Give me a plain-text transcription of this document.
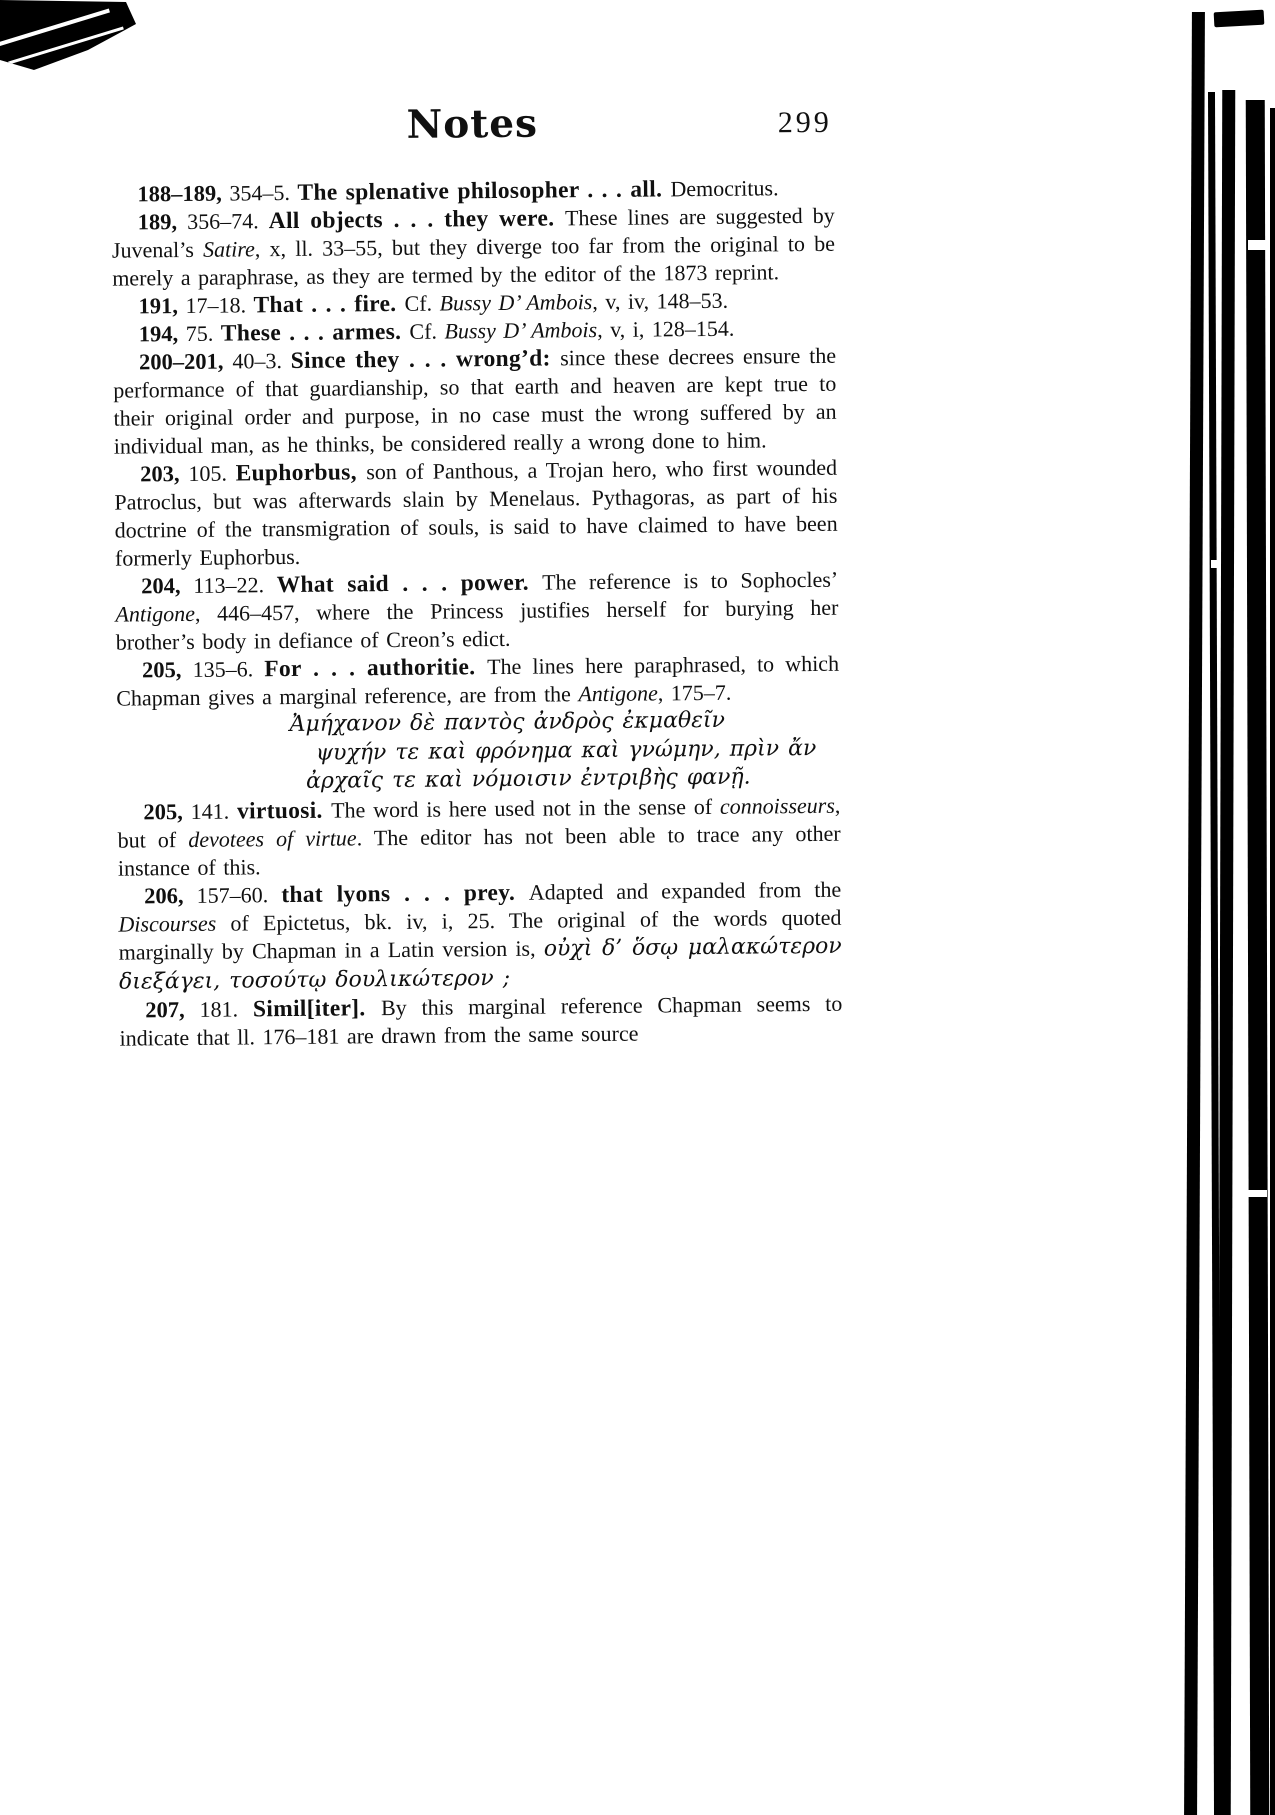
Notes	299

188–189, 354–5. The splenative philosopher . . . all. Democritus.

189, 356–74. All objects . . . they were. These lines are suggested by Juvenal’s Satire, x, ll. 33–55, but they diverge too far from the original to be merely a paraphrase, as they are termed by the editor of the 1873 reprint.

191, 17–18. That . . . fire. Cf. Bussy D’ Ambois, v, iv, 148–53.

194, 75. These . . . armes. Cf. Bussy D’ Ambois, v, i, 128–154.

200–201, 40–3. Since they . . . wrong’d: since these decrees ensure the performance of that guardianship, so that earth and heaven are kept true to their original order and purpose, in no case must the wrong suffered by an individual man, as he thinks, be considered really a wrong done to him.

203, 105. Euphorbus, son of Panthous, a Trojan hero, who first wounded Patroclus, but was afterwards slain by Menelaus. Pythagoras, as part of his doctrine of the transmigration of souls, is said to have claimed to have been formerly Euphorbus.

204, 113–22. What said . . . power. The reference is to Sophocles’ Antigone, 446–457, where the Princess justifies herself for burying her brother’s body in defiance of Creon’s edict.

205, 135–6. For . . . authoritie. The lines here paraphrased, to which Chapman gives a marginal reference, are from the Antigone, 175–7.

Ἀμήχανον δὲ παντὸς ἀνδρὸς ἐκμαθεῖν
ψυχήν τε καὶ φρόνημα καὶ γνώμην, πρὶν ἄν
ἀρχαῖς τε καὶ νόμοισιν ἐντριβὴς φανῇ.

205, 141. virtuosi. The word is here used not in the sense of connoisseurs, but of devotees of virtue. The editor has not been able to trace any other instance of this.

206, 157–60. that lyons . . . prey. Adapted and expanded from the Discourses of Epictetus, bk. iv, i, 25. The original of the words quoted marginally by Chapman in a Latin version is, οὐχὶ δ’ ὅσῳ μαλακώτερον διεξάγει, τοσούτῳ δουλικώτερον ;

207, 181. Simil[iter]. By this marginal reference Chapman seems to indicate that ll. 176–181 are drawn from the same source
